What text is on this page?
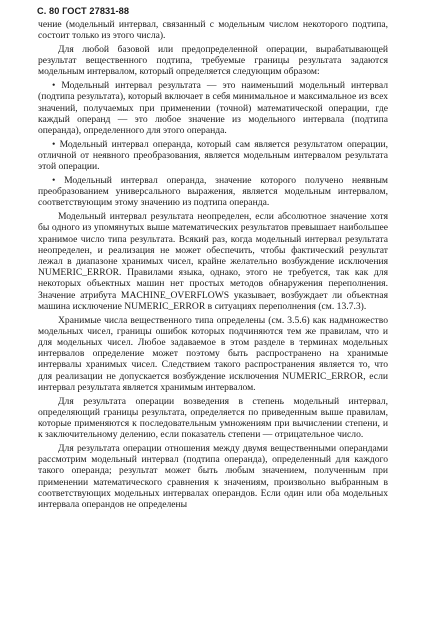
С. 80 ГОСТ 27831-88
чение (модельный интервал, связанный с модельным числом некоторого подтипа, состоит только из этого числа).
Для любой базовой или предопределенной операции, вырабатывающей результат вещественного подтипа, требуемые границы результата задаются модельным интервалом, который определяется следующим образом:
• Модельный интервал результата — это наименьший модельный интервал (подтипа результата), который включает в себя минимальное и максимальное из всех значений, получаемых при применении (точной) математической операции, где каждый операнд — это любое значение из модельного интервала (подтипа операнда), определенного для этого операнда.
• Модельный интервал операнда, который сам является результатом операции, отличной от неявного преобразования, является модельным интервалом результата этой операции.
• Модельный интервал операнда, значение которого получено неявным преобразованием универсального выражения, является модельным интервалом, соответствующим этому значению из подтипа операнда.
Модельный интервал результата неопределен, если абсолютное значение хотя бы одного из упомянутых выше математических результатов превышает наибольшее хранимое число типа результата. Всякий раз, когда модельный интервал результата неопределен, и реализация не может обеспечить, чтобы фактический результат лежал в диапазоне хранимых чисел, крайне желательно возбуждение исключения NUMERIC_ERROR. Правилами языка, однако, этого не требуется, так как для некоторых объектных машин нет простых методов обнаружения переполнения. Значение атрибута MACHINE_OVERFLOWS указывает, возбуждает ли объектная машина исключение NUMERIC_ERROR в ситуациях переполнения (см. 13.7.3).
Хранимые числа вещественного типа определены (см. 3.5.6) как надмножество модельных чисел, границы ошибок которых подчиняются тем же правилам, что и для модельных чисел. Любое задаваемое в этом разделе в терминах модельных интервалов определение может поэтому быть распространено на хранимые интервалы хранимых чисел. Следствием такого распространения является то, что для реализации не допускается возбуждение исключения NUMERIC_ERROR, если интервал результата является хранимым интервалом.
Для результата операции возведения в степень модельный интервал, определяющий границы результата, определяется по приведенным выше правилам, которые применяются к последовательным умножениям при вычислении степени, и к заключительному делению, если показатель степени — отрицательное число.
Для результата операции отношения между двумя вещественными операндами рассмотрим модельный интервал (подтипа операнда), определенный для каждого такого операнда; результат может быть любым значением, полученным при применении математического сравнения к значениям, произвольно выбранным в соответствующих модельных интервалах операндов. Если один или оба модельных интервала операндов не определены
